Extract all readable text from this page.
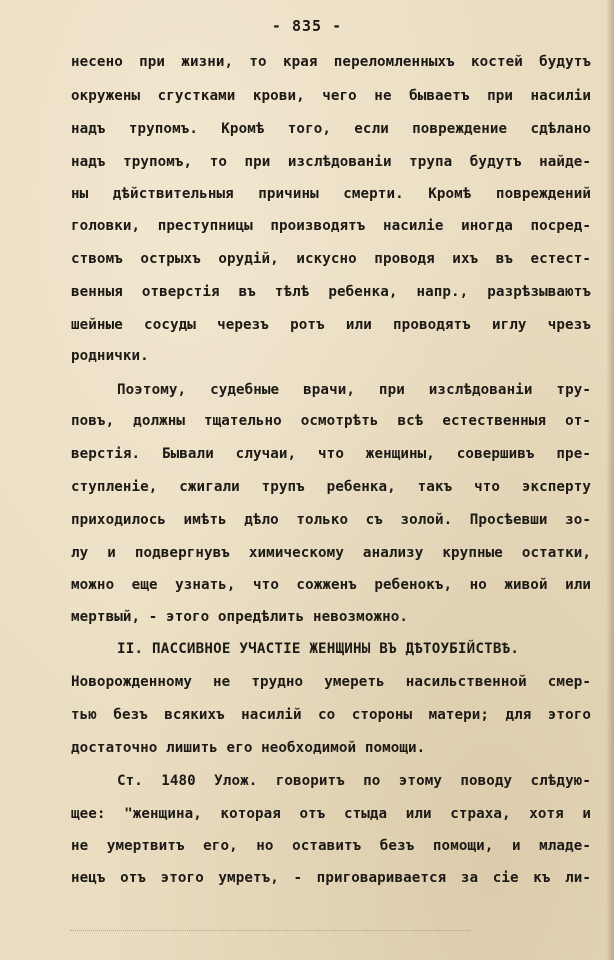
- 835 -
несено при жизни, то края переломленныхъ костей будутъ
окружены сгустками крови, чего не бываетъ при насилiи
надъ трупомъ. Кромѣ того, если повреждение сдѣлано
надъ трупомъ, то при изслѣдованiи трупа будутъ найде-
ны дѣйствительныя причины смерти. Кромѣ повреждений
головки, преступницы производятъ насилiе иногда посред-
ствомъ острыхъ орудiй, искусно проводя ихъ въ естест-
венныя отверстiя въ тѣлѣ ребенка, напр., разрѣзываютъ
шейные сосуды черезъ ротъ или проводятъ иглу чрезъ
роднички.
Поэтому, судебные врачи, при изслѣдованiи тру-
повъ, должны тщательно осмотрѣть всѣ естественныя от-
верстiя. Бывали случаи, что женщины, совершивъ пре-
ступленiе, сжигали трупъ ребенка, такъ что эксперту
приходилось имѣть дѣло только съ золой. Просѣевши зо-
лу и подвергнувъ химическому анализу крупные остатки,
можно еще узнать, что сожженъ ребенокъ, но живой или
мертвый, - этого опредѣлить невозможно.
II. ПАССИВНОЕ УЧАСТIЕ ЖЕНЩИНЫ ВЪ ДѢТОУБIЙСТВѢ.
Новорожденному не трудно умереть насильственной смер-
тью безъ всякихъ насилiй со стороны матери; для этого
достаточно лишить его необходимой помощи.
Ст. 1480 Улож. говоритъ по этому поводу слѣдую-
щее: "женщина, которая отъ стыда или страха, хотя и
не умертвитъ его, но оставитъ безъ помощи, и младе-
нецъ отъ этого умретъ, - приговаривается за сiе къ ли-
